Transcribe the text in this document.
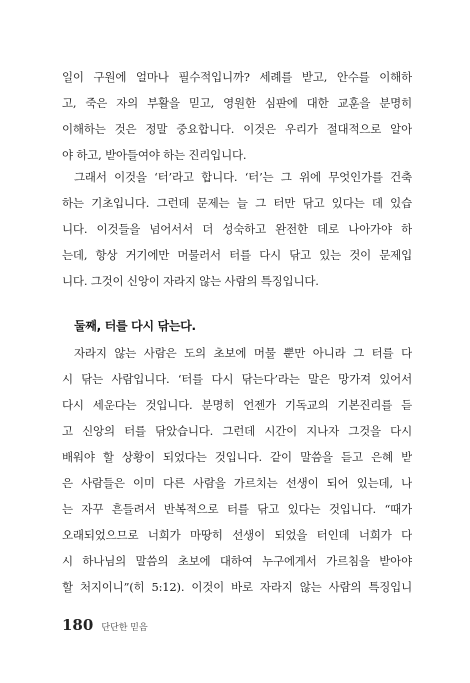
일이 구원에 얼마나 필수적입니까? 세례를 받고, 안수를 이해하
고, 죽은 자의 부활을 믿고, 영원한 심판에 대한 교훈을 분명히
이해하는 것은 정말 중요합니다. 이것은 우리가 절대적으로 알아
야 하고, 받아들여야 하는 진리입니다.
그래서 이것을 ‘터’라고 합니다. ‘터’는 그 위에 무엇인가를 건축
하는 기초입니다. 그런데 문제는 늘 그 터만 닦고 있다는 데 있습
니다. 이것들을 넘어서서 더 성숙하고 완전한 데로 나아가야 하
는데, 항상 거기에만 머물러서 터를 다시 닦고 있는 것이 문제입
니다. 그것이 신앙이 자라지 않는 사람의 특징입니다.
둘째, 터를 다시 닦는다.
자라지 않는 사람은 도의 초보에 머물 뿐만 아니라 그 터를 다
시 닦는 사람입니다. ‘터를 다시 닦는다’라는 말은 망가져 있어서
다시 세운다는 것입니다. 분명히 언젠가 기독교의 기본진리를 듣
고 신앙의 터를 닦았습니다. 그런데 시간이 지나자 그것을 다시
배워야 할 상황이 되었다는 것입니다. 같이 말씀을 듣고 은혜 받
은 사람들은 이미 다른 사람을 가르치는 선생이 되어 있는데, 나
는 자꾸 흔들려서 반복적으로 터를 닦고 있다는 것입니다. “때가
오래되었으므로 너희가 마땅히 선생이 되었을 터인데 너희가 다
시 하나님의 말씀의 초보에 대하여 누구에게서 가르침을 받아야
할 처지이니”(히 5:12). 이것이 바로 자라지 않는 사람의 특징입니
180 단단한 믿음
